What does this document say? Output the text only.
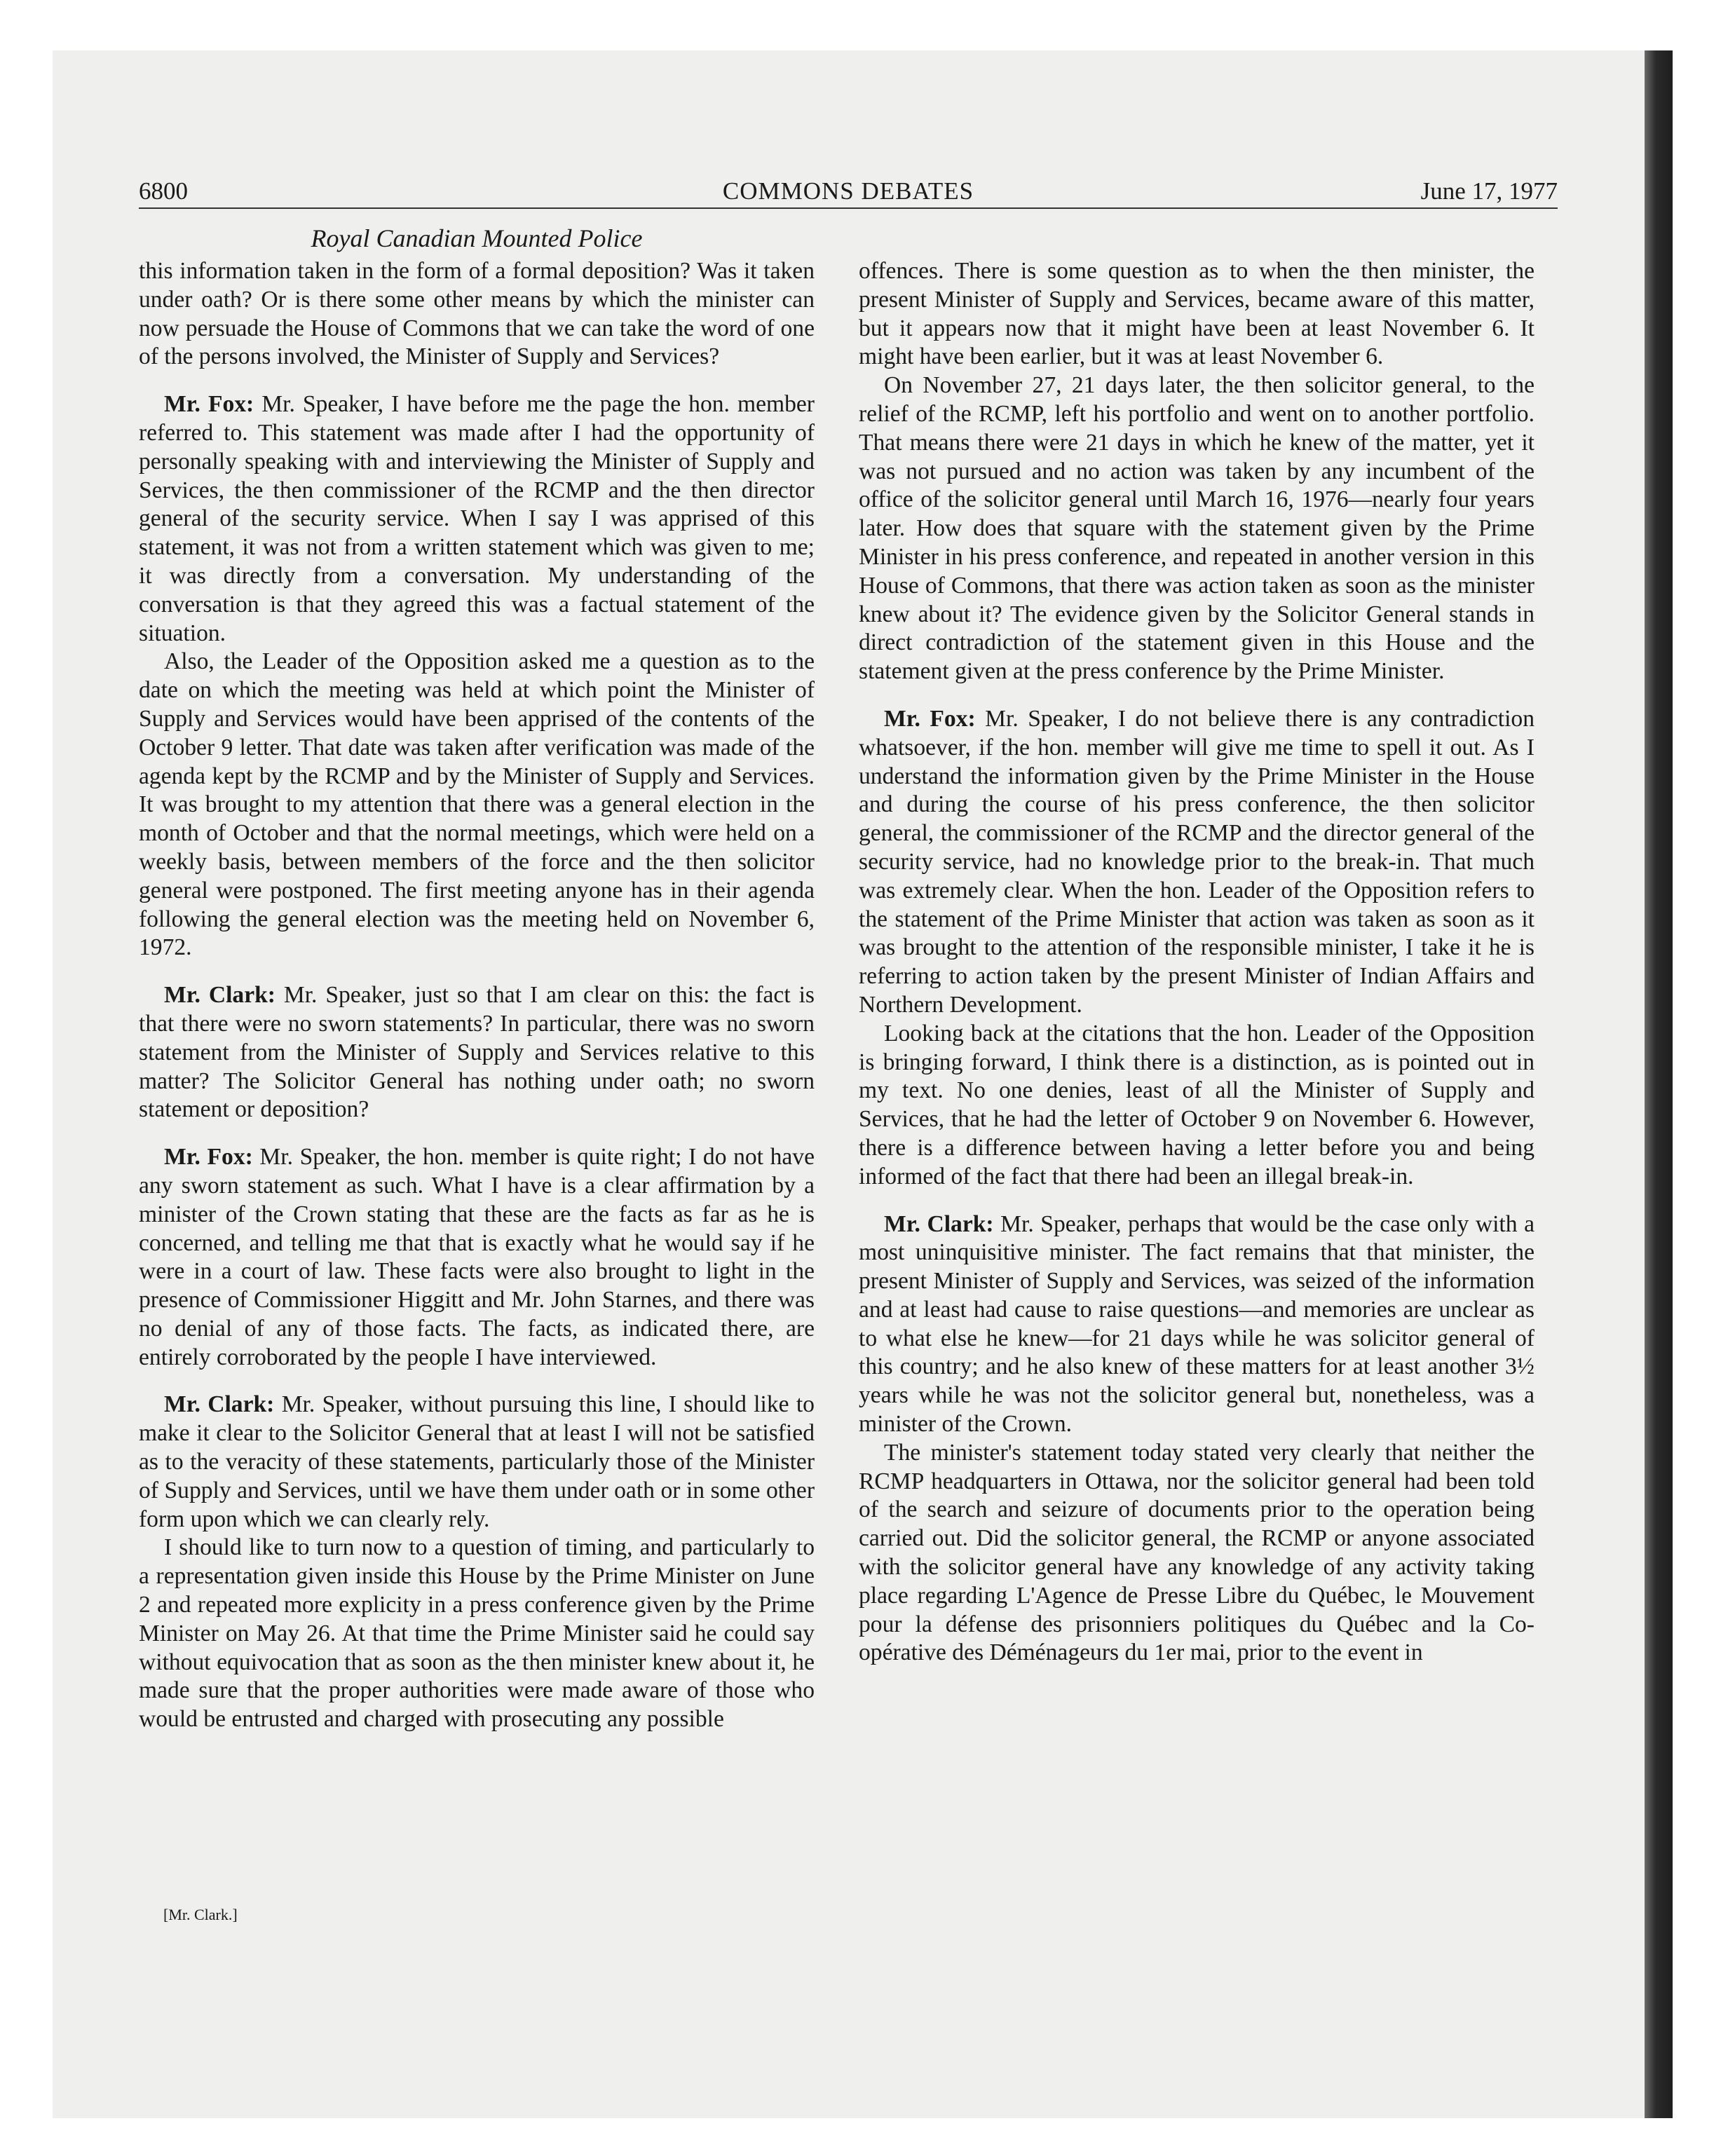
6800	COMMONS DEBATES	June 17, 1977
Royal Canadian Mounted Police

this information taken in the form of a formal deposition? Was it taken under oath? Or is there some other means by which the minister can now persuade the House of Commons that we can take the word of one of the persons involved, the Minister of Supply and Services?

Mr. Fox: Mr. Speaker, I have before me the page the hon. member referred to. This statement was made after I had the opportunity of personally speaking with and interviewing the Minister of Supply and Services, the then commissioner of the RCMP and the then director general of the security service. When I say I was apprised of this statement, it was not from a written statement which was given to me; it was directly from a conversation. My understanding of the conversation is that they agreed this was a factual statement of the situation.

Also, the Leader of the Opposition asked me a question as to the date on which the meeting was held at which point the Minister of Supply and Services would have been apprised of the contents of the October 9 letter. That date was taken after verification was made of the agenda kept by the RCMP and by the Minister of Supply and Services. It was brought to my attention that there was a general election in the month of October and that the normal meetings, which were held on a weekly basis, between members of the force and the then solicitor general were postponed. The first meeting anyone has in their agenda following the general election was the meeting held on November 6, 1972.

Mr. Clark: Mr. Speaker, just so that I am clear on this: the fact is that there were no sworn statements? In particular, there was no sworn statement from the Minister of Supply and Services relative to this matter? The Solicitor General has nothing under oath; no sworn statement or deposition?

Mr. Fox: Mr. Speaker, the hon. member is quite right; I do not have any sworn statement as such. What I have is a clear affirmation by a minister of the Crown stating that these are the facts as far as he is concerned, and telling me that that is exactly what he would say if he were in a court of law. These facts were also brought to light in the presence of Commissioner Higgitt and Mr. John Starnes, and there was no denial of any of those facts. The facts, as indicated there, are entirely corroborated by the people I have interviewed.

Mr. Clark: Mr. Speaker, without pursuing this line, I should like to make it clear to the Solicitor General that at least I will not be satisfied as to the veracity of these statements, particularly those of the Minister of Supply and Services, until we have them under oath or in some other form upon which we can clearly rely.

I should like to turn now to a question of timing, and particularly to a representation given inside this House by the Prime Minister on June 2 and repeated more explicity in a press conference given by the Prime Minister on May 26. At that time the Prime Minister said he could say without equivocation that as soon as the then minister knew about it, he made sure that the proper authorities were made aware of those who would be entrusted and charged with prosecuting any possible

offences. There is some question as to when the then minister, the present Minister of Supply and Services, became aware of this matter, but it appears now that it might have been at least November 6. It might have been earlier, but it was at least November 6.

On November 27, 21 days later, the then solicitor general, to the relief of the RCMP, left his portfolio and went on to another portfolio. That means there were 21 days in which he knew of the matter, yet it was not pursued and no action was taken by any incumbent of the office of the solicitor general until March 16, 1976—nearly four years later. How does that square with the statement given by the Prime Minister in his press conference, and repeated in another version in this House of Commons, that there was action taken as soon as the minister knew about it? The evidence given by the Solicitor General stands in direct contradiction of the statement given in this House and the statement given at the press conference by the Prime Minister.

Mr. Fox: Mr. Speaker, I do not believe there is any contradiction whatsoever, if the hon. member will give me time to spell it out. As I understand the information given by the Prime Minister in the House and during the course of his press conference, the then solicitor general, the commissioner of the RCMP and the director general of the security service, had no knowledge prior to the break-in. That much was extremely clear. When the hon. Leader of the Opposition refers to the statement of the Prime Minister that action was taken as soon as it was brought to the attention of the responsible minister, I take it he is referring to action taken by the present Minister of Indian Affairs and Northern Development.

Looking back at the citations that the hon. Leader of the Opposition is bringing forward, I think there is a distinction, as is pointed out in my text. No one denies, least of all the Minister of Supply and Services, that he had the letter of October 9 on November 6. However, there is a difference between having a letter before you and being informed of the fact that there had been an illegal break-in.

Mr. Clark: Mr. Speaker, perhaps that would be the case only with a most uninquisitive minister. The fact remains that that minister, the present Minister of Supply and Services, was seized of the information and at least had cause to raise questions—and memories are unclear as to what else he knew—for 21 days while he was solicitor general of this country; and he also knew of these matters for at least another 3½ years while he was not the solicitor general but, nonetheless, was a minister of the Crown.

The minister's statement today stated very clearly that neither the RCMP headquarters in Ottawa, nor the solicitor general had been told of the search and seizure of documents prior to the operation being carried out. Did the solicitor general, the RCMP or anyone associated with the solicitor general have any knowledge of any activity taking place regarding L'Agence de Presse Libre du Québec, le Mouvement pour la défense des prisonniers politiques du Québec and la Co-opérative des Déménageurs du 1er mai, prior to the event in

[Mr. Clark.]
